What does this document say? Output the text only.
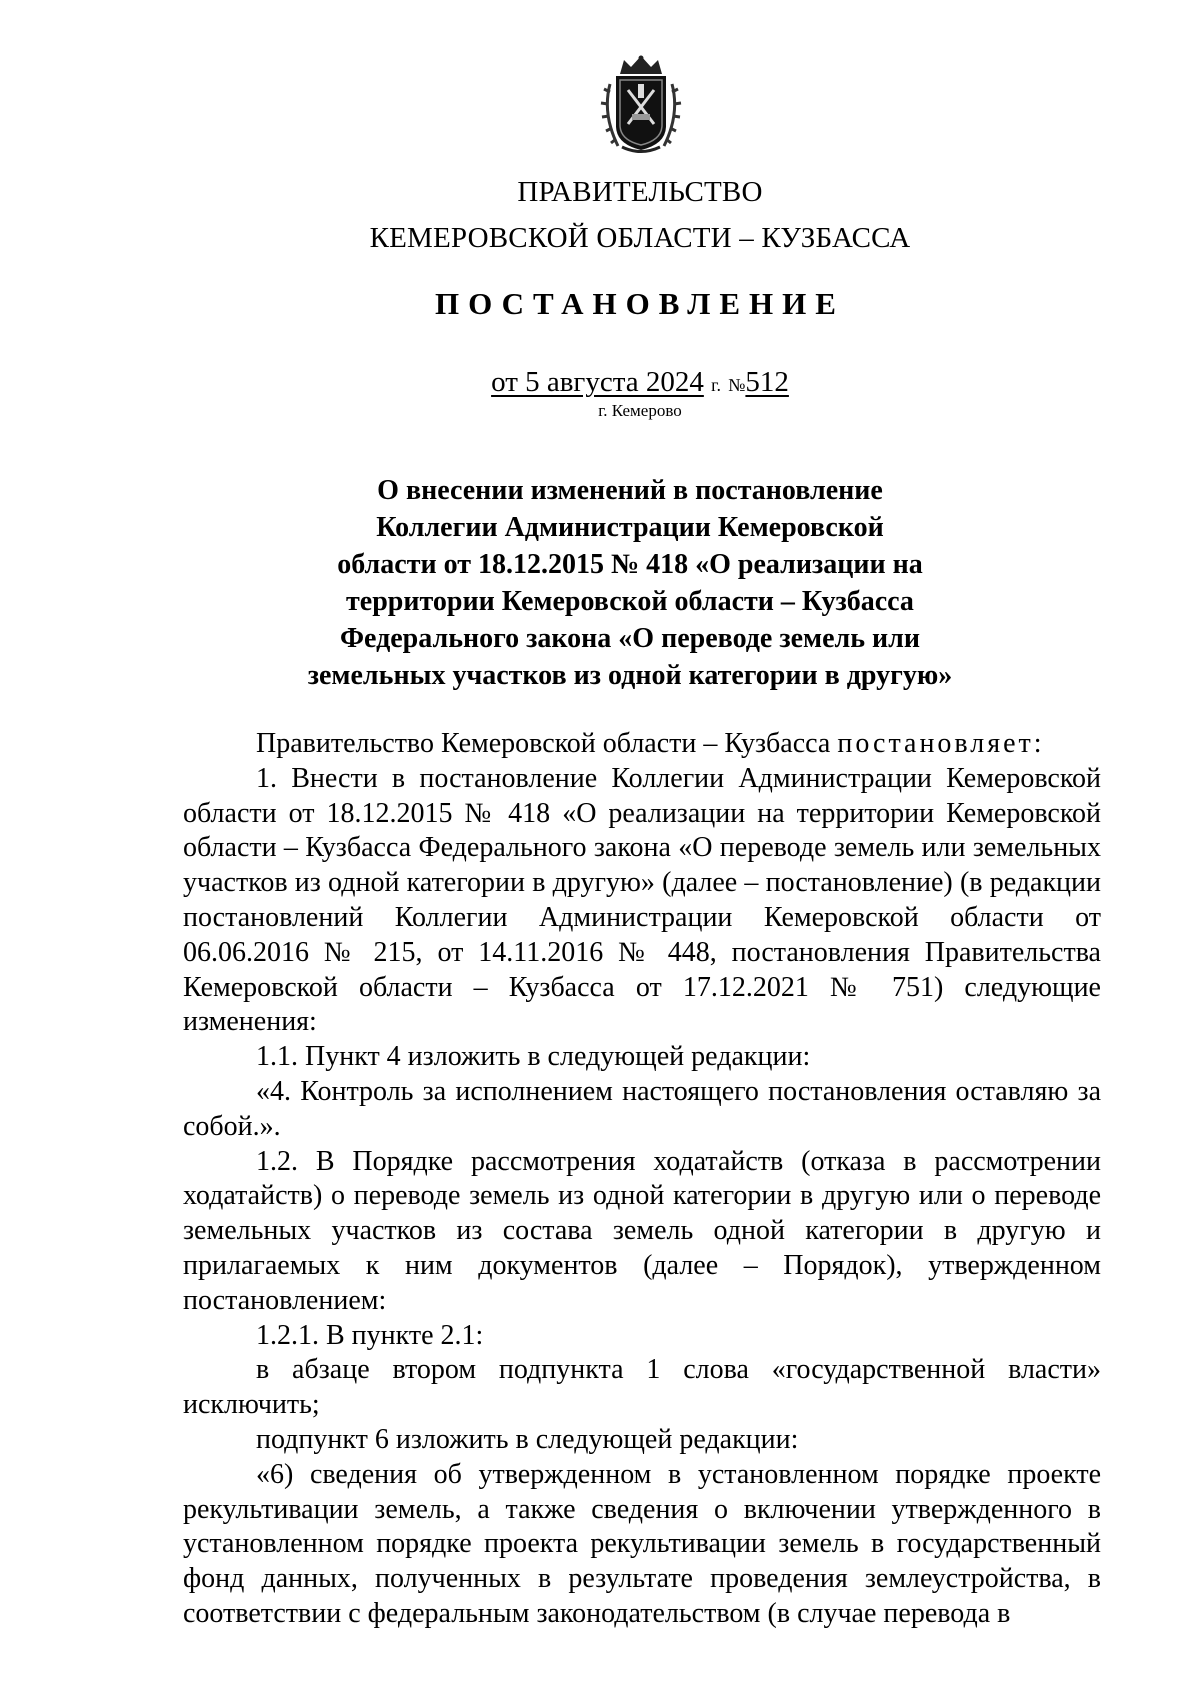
ПРАВИТЕЛЬСТВО
КЕМЕРОВСКОЙ ОБЛАСТИ – КУЗБАССА
ПОСТАНОВЛЕНИЕ
от 5 августа 2024 г. №512
г. Кемерово
О внесении изменений в постановление
Коллегии Администрации Кемеровской
области от 18.12.2015 № 418 «О реализации на
территории Кемеровской области – Кузбасса
Федерального закона «О переводе земель или
земельных участков из одной категории в другую»
Правительство Кемеровской области – Кузбасса постановляет:
1. Внести в постановление Коллегии Администрации Кемеровской области от 18.12.2015 № 418 «О реализации на территории Кемеровской области – Кузбасса Федерального закона «О переводе земель или земельных участков из одной категории в другую» (далее – постановление) (в редакции постановлений Коллегии Администрации Кемеровской области от 06.06.2016 № 215, от 14.11.2016 № 448, постановления Правительства Кемеровской области – Кузбасса от 17.12.2021 № 751) следующие изменения:
1.1. Пункт 4 изложить в следующей редакции:
«4. Контроль за исполнением настоящего постановления оставляю за собой.».
1.2. В Порядке рассмотрения ходатайств (отказа в рассмотрении ходатайств) о переводе земель из одной категории в другую или о переводе земельных участков из состава земель одной категории в другую и прилагаемых к ним документов (далее – Порядок), утвержденном постановлением:
1.2.1. В пункте 2.1:
в абзаце втором подпункта 1 слова «государственной власти» исключить;
подпункт 6 изложить в следующей редакции:
«6) сведения об утвержденном в установленном порядке проекте рекультивации земель, а также сведения о включении утвержденного в установленном порядке проекта рекультивации земель в государственный фонд данных, полученных в результате проведения землеустройства, в соответствии с федеральным законодательством (в случае перевода в
